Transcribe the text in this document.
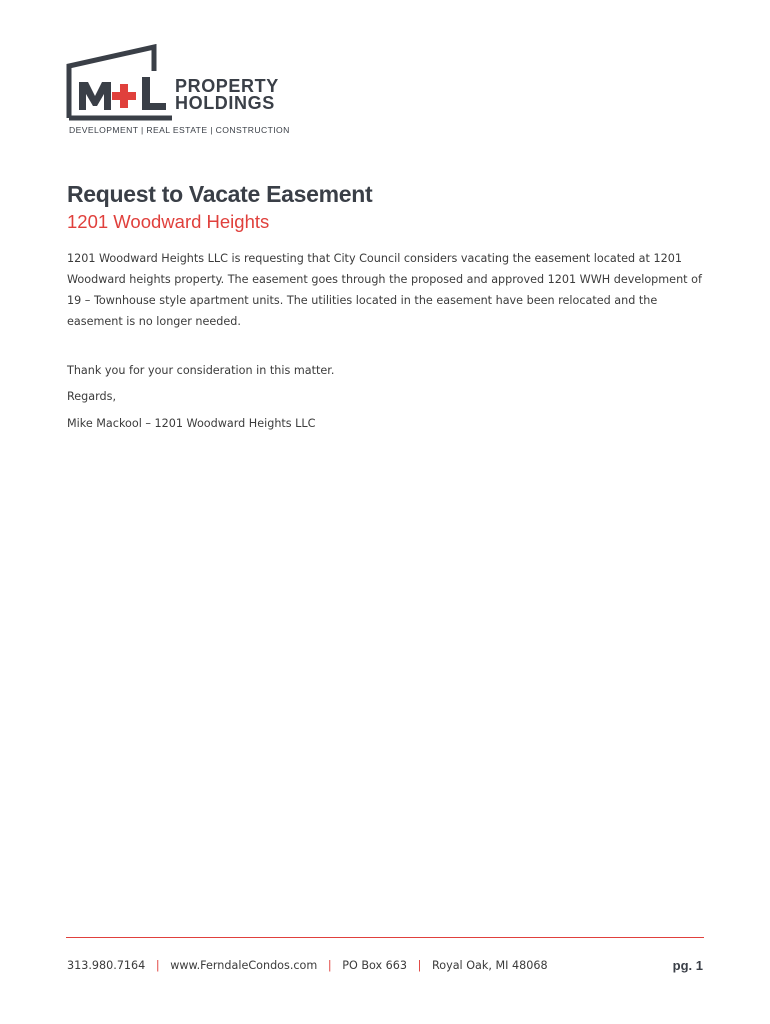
PROPERTY
HOLDINGS
DEVELOPMENT | REAL ESTATE | CONSTRUCTION
Request to Vacate Easement
1201 Woodward Heights
1201 Woodward Heights LLC is requesting that City Council considers vacating the easement located at 1201 Woodward heights property. The easement goes through the proposed and approved 1201 WWH development of 19 – Townhouse style apartment units. The utilities located in the easement have been relocated and the easement is no longer needed.
Thank you for your consideration in this matter.
Regards,
Mike Mackool – 1201 Woodward Heights LLC
313.980.7164 | www.FerndaleCondos.com | PO Box 663 | Royal Oak, MI 48068	pg. 1
